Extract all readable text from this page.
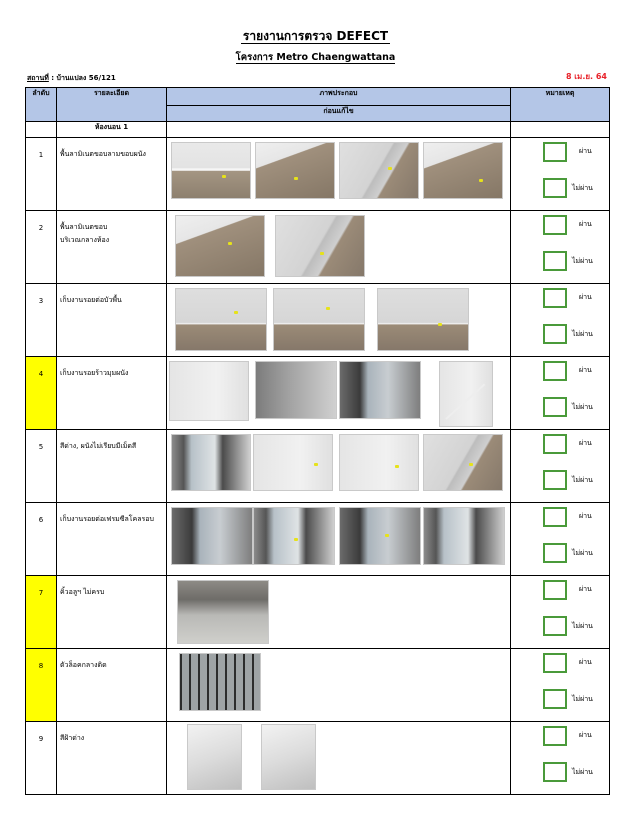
รายงานการตรวจ DEFECT
โครงการ Metro Chaengwattana
สถานที่ : บ้านแปลง 56/121	8 เม.ย. 64
ลำดับ	รายละเอียด	ภาพประกอบ	หมายเหตุ
		ก่อนแก้ไข	
	ห้องนอน 1		
1	พื้นลามิเนตขอบลามขอบผนัง		ผ่าน
ไม่ผ่าน

2	พื้นลามิเนตขอบ
บริเวณกลางห้อง		ผ่าน
ไม่ผ่าน

3	เก็บงานรอยต่อบัวพื้น		ผ่าน
ไม่ผ่าน

4	เก็บงานรอยร้าวมุมผนัง		ผ่าน
ไม่ผ่าน

5	สีด่าง, ผนังไม่เรียบมีเม็ดสี		ผ่าน
ไม่ผ่าน

6	เก็บงานรอยต่อเฟรมซีลโคลรอบ		ผ่าน
ไม่ผ่าน

7	คิ้วอลูฯ ไม่ครบ		ผ่าน
ไม่ผ่าน

8	ตัวล็อคกลางติด		ผ่าน
ไม่ผ่าน

9	สีฝ้าด่าง		ผ่าน
ไม่ผ่าน
